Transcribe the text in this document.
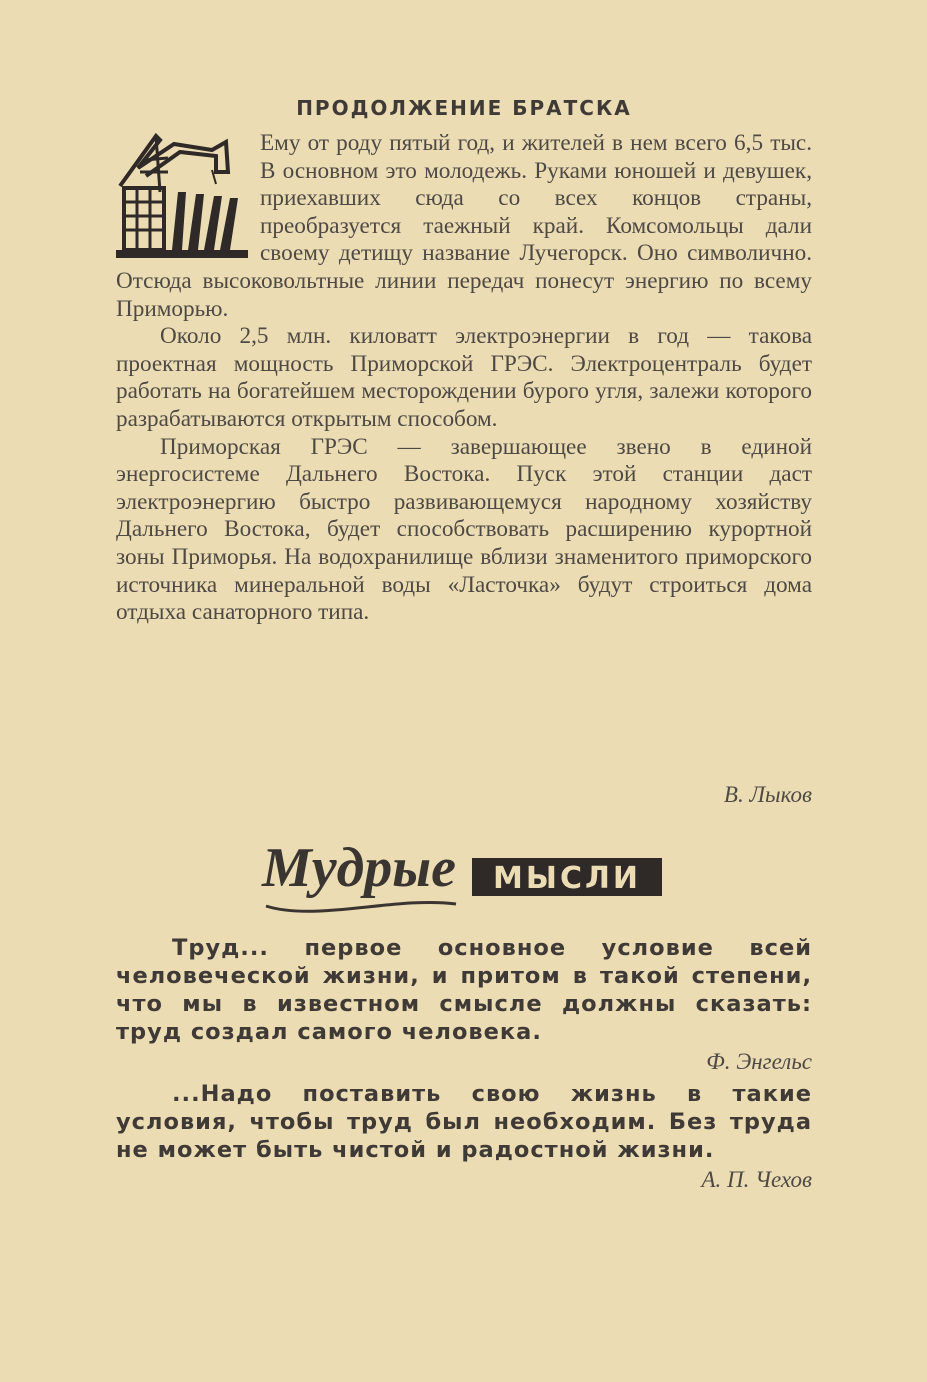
ПРОДОЛЖЕНИЕ БРАТСКА

Ему от роду пятый год, и жителей в нем всего 6,5 тыс. В основном это молодежь. Руками юношей и девушек, приехавших сюда со всех концов страны, преобразуется таежный край. Комсомольцы дали своему детищу название Лучегорск. Оно символично. Отсюда высоковольтные линии передач понесут энергию по всему Приморью.

Около 2,5 млн. киловатт электроэнергии в год — такова проектная мощность Приморской ГРЭС. Электроцентраль будет работать на богатейшем месторождении бурого угля, залежи которого разрабатываются открытым способом.

Приморская ГРЭС — завершающее звено в единой энергосистеме Дальнего Востока. Пуск этой станции даст электроэнергию быстро развивающемуся народному хозяйству Дальнего Востока, будет способствовать расширению курортной зоны Приморья. На водохранилище вблизи знаменитого приморского источника минеральной воды «Ласточка» будут строиться дома отдыха санаторного типа.

В. Лыков
Мудрые МЫСЛИ

Труд... первое основное условие всей человеческой жизни, и притом в такой степени, что мы в известном смысле должны сказать: труд создал самого человека.

Ф. Энгельс

...Надо поставить свою жизнь в такие условия, чтобы труд был необходим. Без труда не может быть чистой и радостной жизни.

А. П. Чехов
